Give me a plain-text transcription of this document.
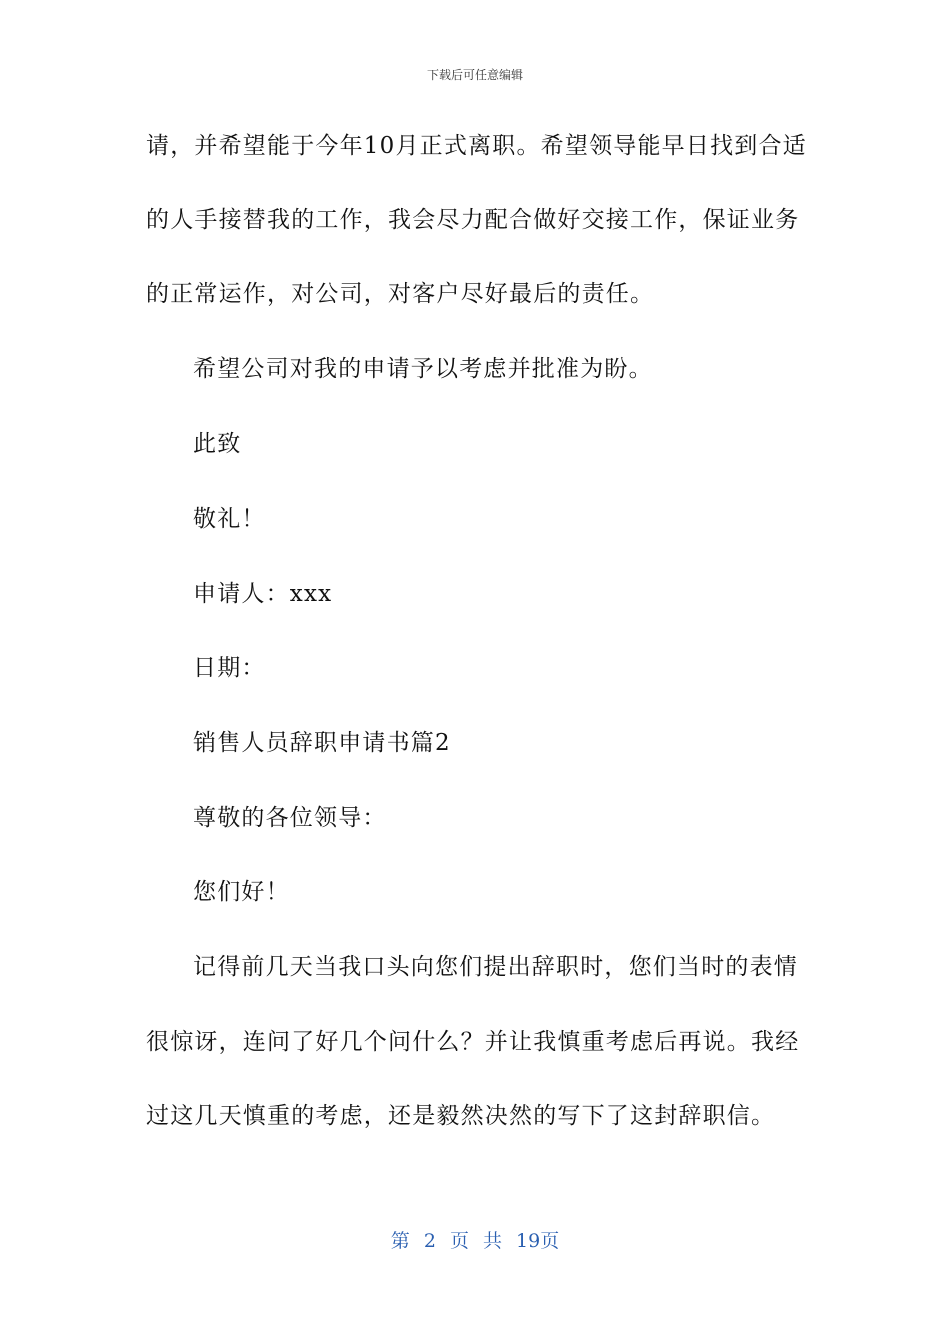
下载后可任意编辑
请，并希望能于今年10月正式离职。希望领导能早日找到合适
的人手接替我的工作，我会尽力配合做好交接工作，保证业务
的正常运作，对公司，对客户尽好最后的责任。
希望公司对我的申请予以考虑并批准为盼。
此致
敬礼！
申请人：xxx
日期：
销售人员辞职申请书篇2
尊敬的各位领导：
您们好！
记得前几天当我口头向您们提出辞职时，您们当时的表情
很惊讶，连问了好几个问什么？并让我慎重考虑后再说。我经
过这几天慎重的考虑，还是毅然决然的写下了这封辞职信。
第 2 页 共 19页
